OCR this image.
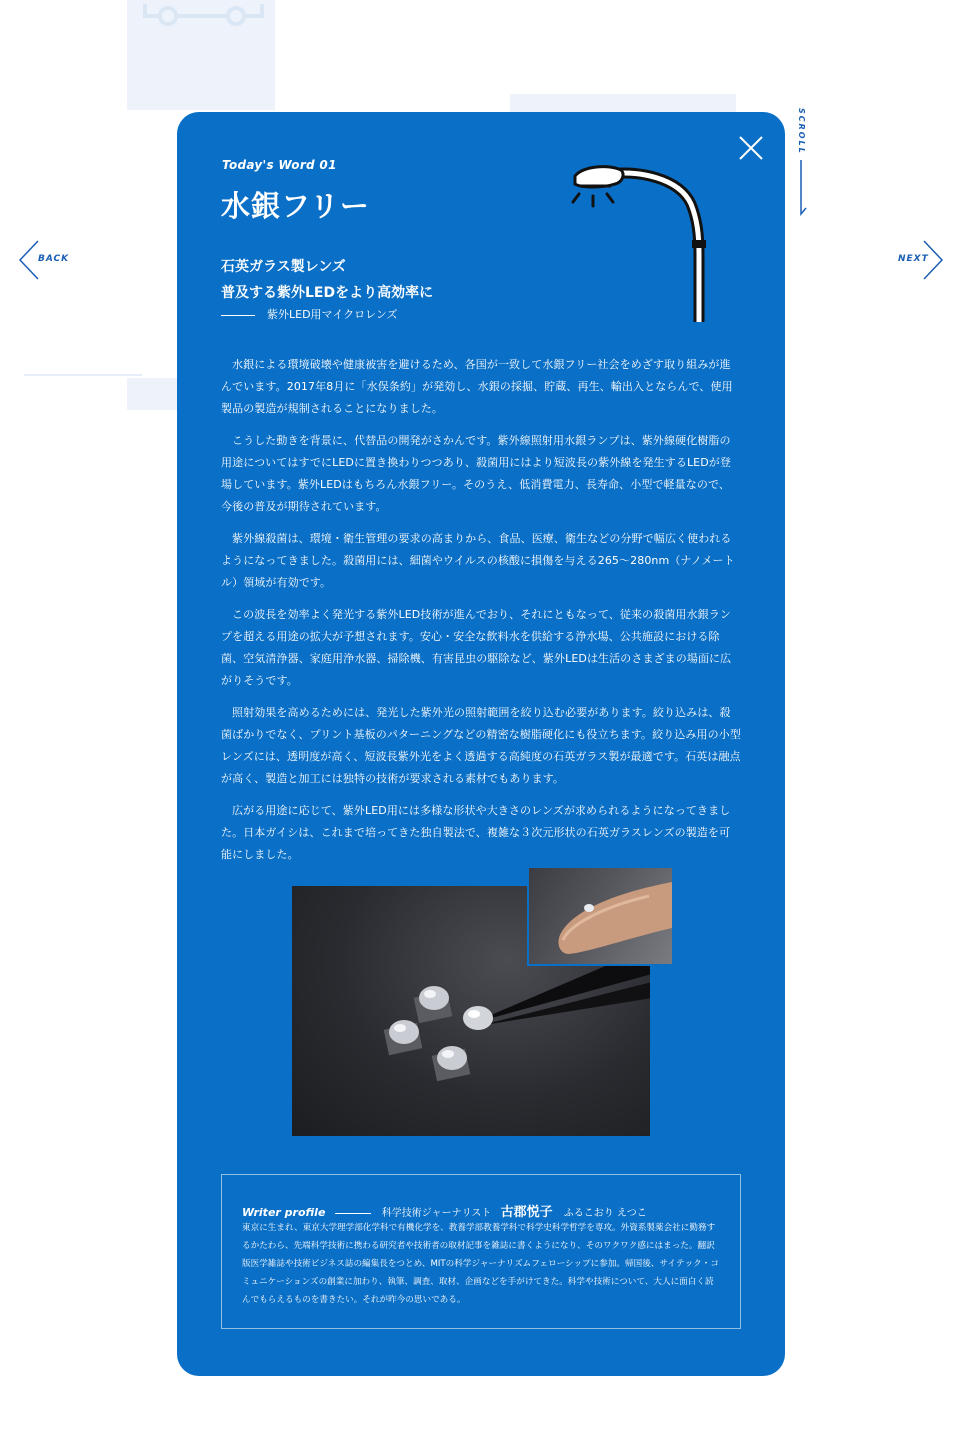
BACK	NEXT
SCROLL
Today's Word 01
水銀フリー
石英ガラス製レンズ
普及する紫外LEDをより高効率に
紫外LED用マイクロレンズ

水銀による環境破壊や健康被害を避けるため、各国が一致して水銀フリー社会をめざす取り組みが進んでいます。2017年8月に「水俣条約」が発効し、水銀の採掘、貯蔵、再生、輸出入とならんで、使用製品の製造が規制されることになりました。

こうした動きを背景に、代替品の開発がさかんです。紫外線照射用水銀ランプは、紫外線硬化樹脂の用途についてはすでにLEDに置き換わりつつあり、殺菌用にはより短波長の紫外線を発生するLEDが登場しています。紫外LEDはもちろん水銀フリー。そのうえ、低消費電力、長寿命、小型で軽量なので、今後の普及が期待されています。

紫外線殺菌は、環境・衛生管理の要求の高まりから、食品、医療、衛生などの分野で幅広く使われるようになってきました。殺菌用には、細菌やウイルスの核酸に損傷を与える265〜280nm（ナノメートル）領域が有効です。

この波長を効率よく発光する紫外LED技術が進んでおり、それにともなって、従来の殺菌用水銀ランプを超える用途の拡大が予想されます。安心・安全な飲料水を供給する浄水場、公共施設における除菌、空気清浄器、家庭用浄水器、掃除機、有害昆虫の駆除など、紫外LEDは生活のさまざまの場面に広がりそうです。

照射効果を高めるためには、発光した紫外光の照射範囲を絞り込む必要があります。絞り込みは、殺菌ばかりでなく、プリント基板のパターニングなどの精密な樹脂硬化にも役立ちます。絞り込み用の小型レンズには、透明度が高く、短波長紫外光をよく透過する高純度の石英ガラス製が最適です。石英は融点が高く、製造と加工には独特の技術が要求される素材でもあります。

広がる用途に応じて、紫外LED用には多様な形状や大きさのレンズが求められるようになってきました。日本ガイシは、これまで培ってきた独自製法で、複雑な３次元形状の石英ガラスレンズの製造を可能にしました。

Writer profile	科学技術ジャーナリスト 古郡悦子 ふるこおり えつこ

東京に生まれ、東京大学理学部化学科で有機化学を、教養学部教養学科で科学史科学哲学を専攻。外資系製薬会社に勤務するかたわら、先端科学技術に携わる研究者や技術者の取材記事を雑誌に書くようになり、そのワクワク感にはまった。翻訳版医学雑誌や技術ビジネス誌の編集長をつとめ、MITの科学ジャーナリズムフェローシップに参加。帰国後、サイテック・コミュニケーションズの創業に加わり、執筆、調査、取材、企画などを手がけてきた。科学や技術について、大人に面白く読んでもらえるものを書きたい。それが昨今の思いである。
